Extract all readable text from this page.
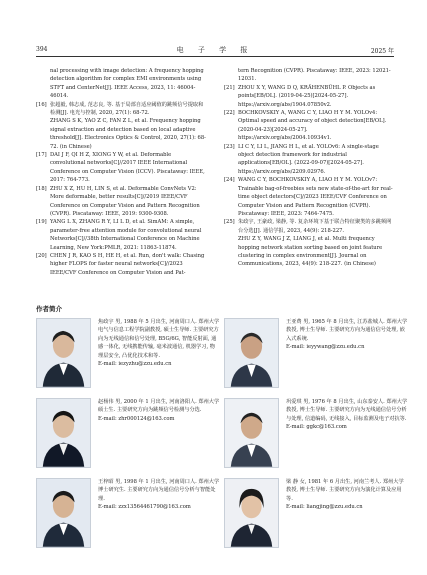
394	电 子 学 报	2025 年
nal processing with image detection: A frequency hopping detection algorithm for complex EMI environments using STFT and CenterNet[J]. IEEE Access, 2023, 11: 46004-46014.
[16] 张超毅, 韩志成, 范志良, 等. 基于局部自适应阈值的跳频信号提取和检测[J]. 电光与控制, 2020, 27(1): 68-72.
ZHANG S K, YAO Z C, FAN Z L, et al. Frequency hopping signal extraction and detection based on local adaptive threshold[J]. Electronics Optics & Control, 2020, 27(1): 68-72. (in Chinese)
[17] DAI J F, QI H Z, XIONG Y W, et al. Deformable convolutional networks[C]//2017 IEEE International Conference on Computer Vision (ICCV). Piscataway: IEEE, 2017: 764-773.
[18] ZHU X Z, HU H, LIN S, et al. Deformable ConvNets V2: More deformable, better results[C]//2019 IEEE/CVF Conference on Computer Vision and Pattern Recognition (CVPR). Piscataway: IEEE, 2019: 9300-9308.
[19] YANG L X, ZHANG R Y, LI L D, et al. SimAM: A simple, parameter-free attention module for convolutional neural Networks[C]//38th International Conference on Machine Learning, New York:PMLR, 2021: 11863-11874.
[20] CHEN J R, KAO S H, HE H, et al. Run, don't walk: Chasing higher FLOPS for faster neural networks[C]//2023 IEEE/CVF Conference on Computer Vision and Pat-
tern Recognition (CVPR). Piscataway: IEEE, 2023: 12021-12031.
[21] ZHOU X Y, WANG D Q, KRÄHENBÜHL P. Objects as points[EB/OL]. (2019-04-25)[2024-05-27]. https://arxiv.org/abs/1904.07850v2.
[22] BOCHKOVSKIY A, WANG C Y, LIAO H Y M. YOLOv4: Optimal speed and accuracy of object detection[EB/OL]. (2020-04-23)[2024-05-27]. https://arxiv.org/abs/2004.10934v1.
[23] LI C Y, LI L, JIANG H L, et al. YOLOv6: A single-stage object detection framework for industrial applications[EB/OL]. (2022-09-07)[2024-05-27]. https://arxiv.org/abs/2209.02976.
[24] WANG C Y, BOCHKOVSKIY A, LIAO H Y M. YOLOv7: Trainable bag-of-freebies sets new state-of-the-art for real-time object detectors[C]//2023 IEEE/CVF Conference on Computer Vision and Pattern Recognition (CVPR). Piscataway: IEEE, 2023: 7464-7475.
[25] 朱政宇, 王豪政, 梁静, 等. 复杂环境下基于联合特征聚类的多跳频网台分选[J]. 通信学报, 2023, 44(9): 218-227.
ZHU Z Y, WANG J Z, LIANG J, et al. Multi frequency hopping network station sorting based on joint feature clustering in complex environment[J]. Journal on Communications, 2023, 44(9): 218-227. (in Chinese)
作者简介
焦政宇 男, 1988 年 5 月出生, 河南周口人. 郑州大学电气与信息工程学院副教授, 硕士生导师. 主要研究方向为无线通信和信号处理, B5G/6G, 智能反射面, 通感一体化, 无线携能传输, 毫米波通信, 机器学习, 物理层安全, 凸优化技术和等.
E-mail: iezyzhu@zzu.edu.cn
王亚费 男, 1965 年 8 月出生, 江苏盐城人. 郑州大学教授, 博士生导师. 主要研究方向为通信信号处理, 嵌入式系统.
E-mail: ieyywang@zzu.edu.cn
赵杨伟 男, 2000 年 1 月出生, 河南洛阳人. 郑州大学硕士生. 主要研究方向为跳频信号检测与分选.
E-mail: zhr000124@163.com
巩爱琪 男, 1976 年 8 月出生, 山东泰安人. 郑州大学教授, 博士生导师. 主要研究方向为无线通信信号分析与处理, 信道编码, 无线接入, 目标监测及电子对抗等.
E-mail: ggkc@163.com
王梓昭 男, 1998 年 1 月出生, 河南周口人. 郑州大学博士研究生. 主要研究方向为通信信号分析与智能处理.
E-mail: zzx13564461790@163.com
梁 静 女, 1981 年 6 月出生, 河南兰考人. 郑州大学教授, 博士生导师. 主要研究方向为演化计算及应用等.
E-mail: liangjing@zzu.edu.cn
